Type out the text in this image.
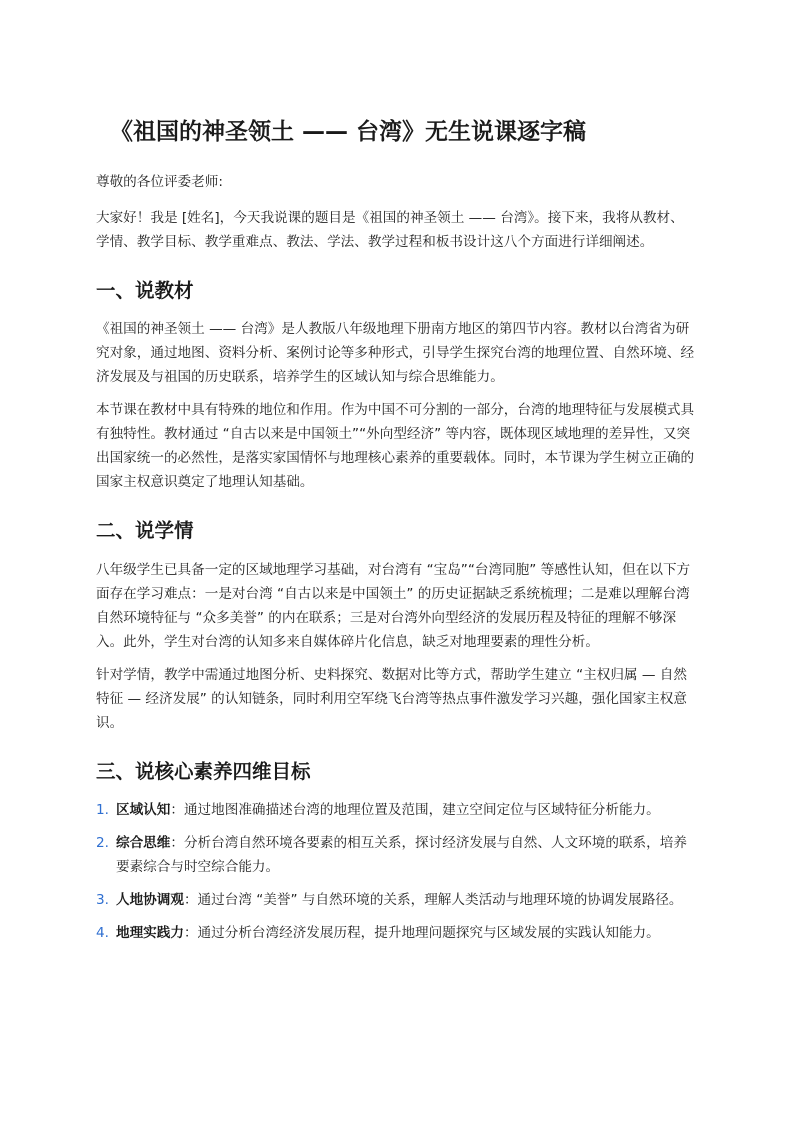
《祖国的神圣领土 —— 台湾》无生说课逐字稿

尊敬的各位评委老师:

大家好！我是 [姓名]，今天我说课的题目是《祖国的神圣领土 —— 台湾》。接下来，我将从教材、学情、教学目标、教学重难点、教法、学法、教学过程和板书设计这八个方面进行详细阐述。

一、说教材

《祖国的神圣领土 —— 台湾》是人教版八年级地理下册南方地区的第四节内容。教材以台湾省为研究对象，通过地图、资料分析、案例讨论等多种形式，引导学生探究台湾的地理位置、自然环境、经济发展及与祖国的历史联系，培养学生的区域认知与综合思维能力。

本节课在教材中具有特殊的地位和作用。作为中国不可分割的一部分，台湾的地理特征与发展模式具有独特性。教材通过 “自古以来是中国领土”“外向型经济” 等内容，既体现区域地理的差异性，又突出国家统一的必然性，是落实家国情怀与地理核心素养的重要载体。同时，本节课为学生树立正确的国家主权意识奠定了地理认知基础。

二、说学情

八年级学生已具备一定的区域地理学习基础，对台湾有 “宝岛”“台湾同胞” 等感性认知，但在以下方面存在学习难点：一是对台湾 “自古以来是中国领土” 的历史证据缺乏系统梳理；二是难以理解台湾自然环境特征与 “众多美誉” 的内在联系；三是对台湾外向型经济的发展历程及特征的理解不够深入。此外，学生对台湾的认知多来自媒体碎片化信息，缺乏对地理要素的理性分析。

针对学情，教学中需通过地图分析、史料探究、数据对比等方式，帮助学生建立 “主权归属 — 自然特征 — 经济发展” 的认知链条，同时利用空军绕飞台湾等热点事件激发学习兴趣，强化国家主权意识。

三、说核心素养四维目标
1. 区域认知：通过地图准确描述台湾的地理位置及范围，建立空间定位与区域特征分析能力。
2. 综合思维：分析台湾自然环境各要素的相互关系，探讨经济发展与自然、人文环境的联系，培养要素综合与时空综合能力。
3. 人地协调观：通过台湾 “美誉” 与自然环境的关系，理解人类活动与地理环境的协调发展路径。
4. 地理实践力：通过分析台湾经济发展历程，提升地理问题探究与区域发展的实践认知能力。
